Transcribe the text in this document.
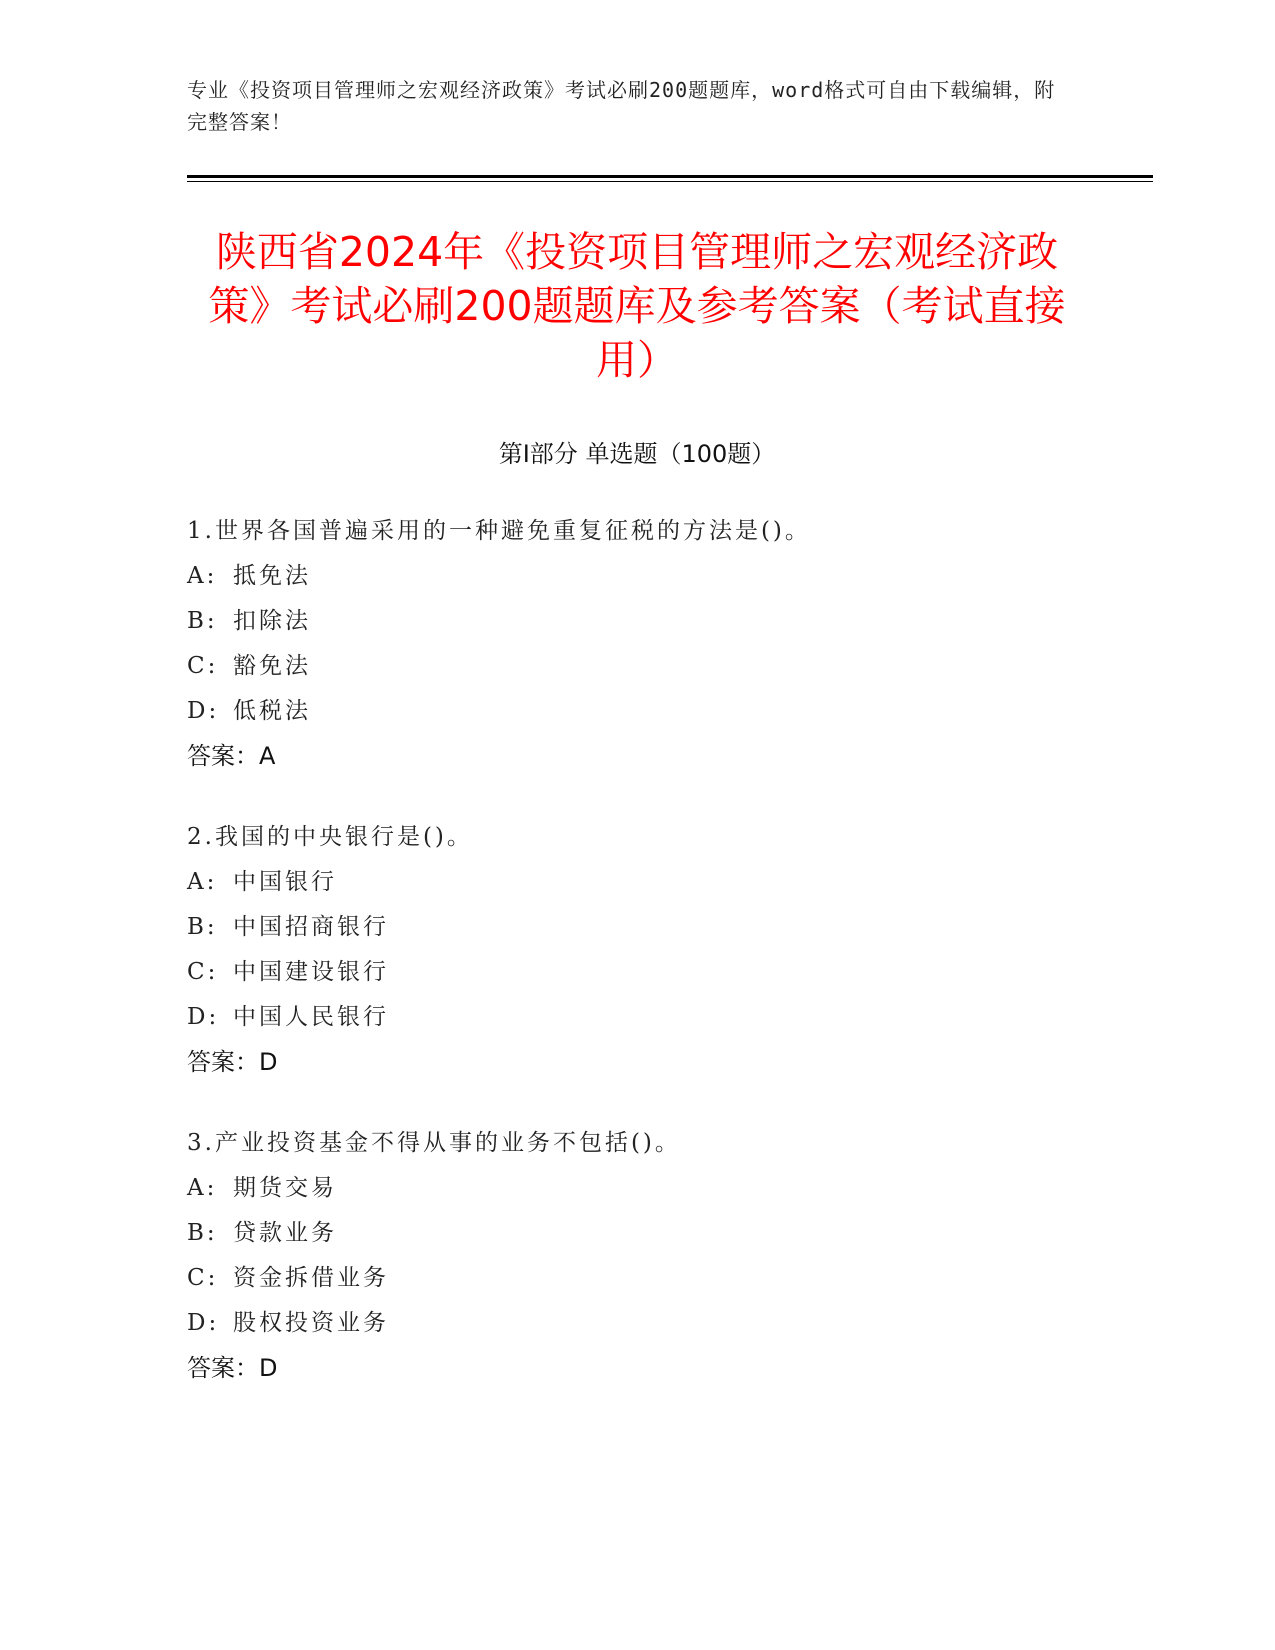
专业《投资项目管理师之宏观经济政策》考试必刷200题题库，word格式可自由下载编辑，附完整答案！
陕西省2024年《投资项目管理师之宏观经济政策》考试必刷200题题库及参考答案（考试直接用）
第I部分 单选题（100题）
1.世界各国普遍采用的一种避免重复征税的方法是()。
A: 抵免法
B: 扣除法
C: 豁免法
D: 低税法
答案：A
2.我国的中央银行是()。
A: 中国银行
B: 中国招商银行
C: 中国建设银行
D: 中国人民银行
答案：D
3.产业投资基金不得从事的业务不包括()。
A: 期货交易
B: 贷款业务
C: 资金拆借业务
D: 股权投资业务
答案：D
